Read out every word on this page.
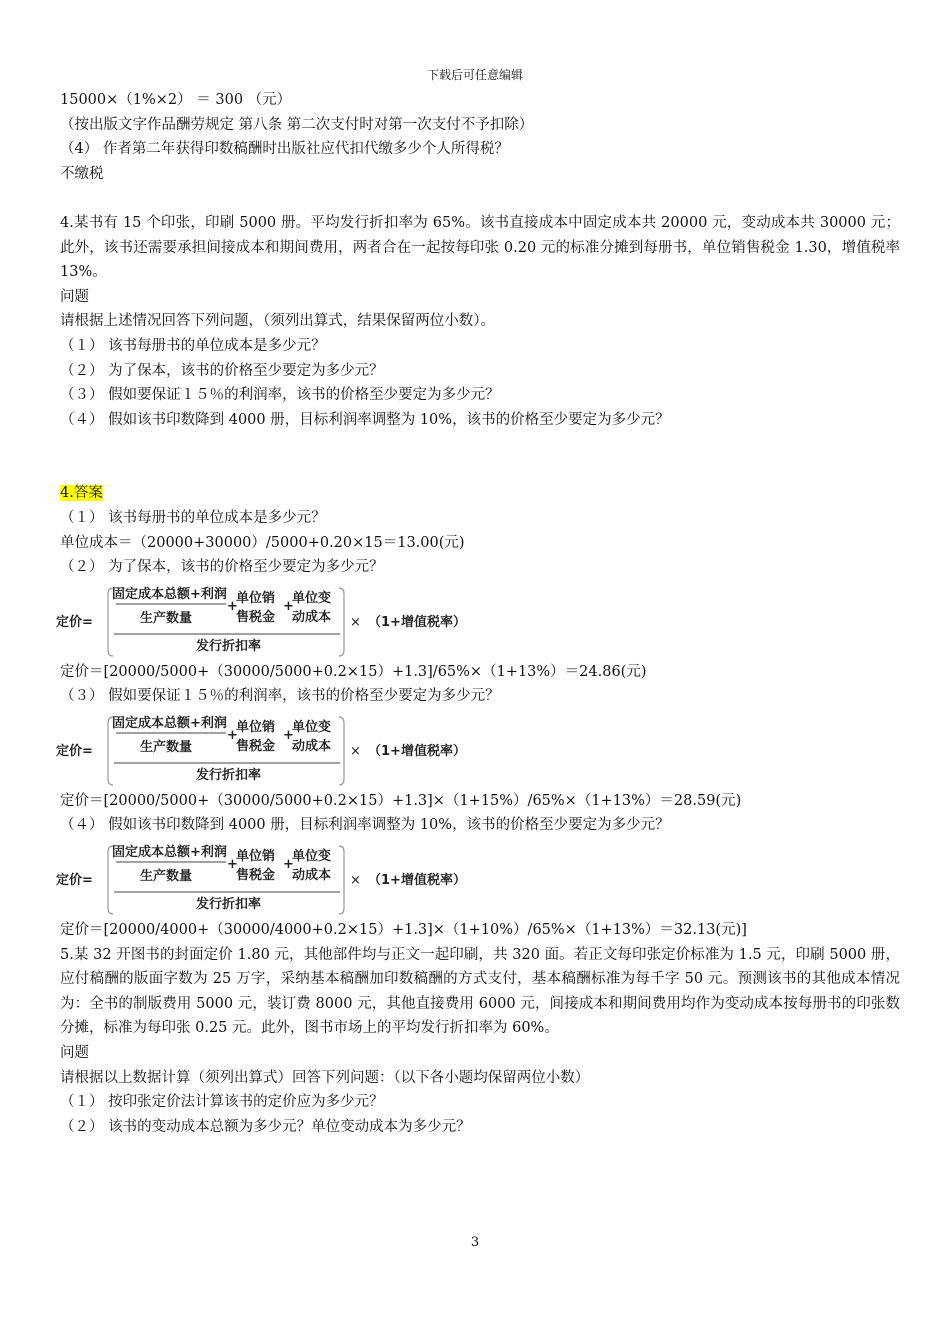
下载后可任意编辑
15000×（1%×2） ＝ 300 （元）
（按出版文字作品酬劳规定 第八条 第二次支付时对第一次支付不予扣除）
（4） 作者第二年获得印数稿酬时出版社应代扣代缴多少个人所得税？
不缴税
4.某书有 15 个印张，印刷 5000 册。平均发行折扣率为 65%。该书直接成本中固定成本共 20000 元，变动成本共 30000 元；此外，该书还需要承担间接成本和期间费用，两者合在一起按每印张 0.20 元的标准分摊到每册书，单位销售税金 1.30，增值税率 13%。
问题
请根据上述情况回答下列问题，（须列出算式，结果保留两位小数）。
（１） 该书每册书的单位成本是多少元？
（２） 为了保本，该书的价格至少要定为多少元？
（３） 假如要保证１５％的利润率，该书的价格至少要定为多少元？
（４） 假如该书印数降到 4000 册，目标利润率调整为 10%，该书的价格至少要定为多少元？
4.答案
（１） 该书每册书的单位成本是多少元？
单位成本＝（20000+30000）/5000+0.20×15＝13.00(元)
（２） 为了保本，该书的价格至少要定为多少元？
定价=
固定成本总额+利润
生产数量
+
单位销
售税金
+
单位变
动成本
发行折扣率
× （1+增值税率）
定价＝[20000/5000+（30000/5000+0.2×15）+1.3]/65%×（1+13%）＝24.86(元)
（３） 假如要保证１５％的利润率，该书的价格至少要定为多少元？
定价=
固定成本总额+利润
生产数量
+
单位销
售税金
+
单位变
动成本
发行折扣率
× （1+增值税率）
定价＝[20000/5000+（30000/5000+0.2×15）+1.3]×（1+15%）/65%×（1+13%）＝28.59(元)
（４） 假如该书印数降到 4000 册，目标利润率调整为 10%，该书的价格至少要定为多少元？
定价=
固定成本总额+利润
生产数量
+
单位销
售税金
+
单位变
动成本
发行折扣率
× （1+增值税率）
定价＝[20000/4000+（30000/4000+0.2×15）+1.3]×（1+10%）/65%×（1+13%）＝32.13(元)]
5.某 32 开图书的封面定价 1.80 元，其他部件均与正文一起印刷，共 320 面。若正文每印张定价标准为 1.5 元，印刷 5000 册，应付稿酬的版面字数为 25 万字，采纳基本稿酬加印数稿酬的方式支付，基本稿酬标准为每千字 50 元。预测该书的其他成本情况为：全书的制版费用 5000 元，装订费 8000 元，其他直接费用 6000 元，间接成本和期间费用均作为变动成本按每册书的印张数分摊，标准为每印张 0.25 元。此外，图书市场上的平均发行折扣率为 60%。
问题
请根据以上数据计算（须列出算式）回答下列问题：（以下各小题均保留两位小数）
（１） 按印张定价法计算该书的定价应为多少元？
（２） 该书的变动成本总额为多少元？单位变动成本为多少元？
3
